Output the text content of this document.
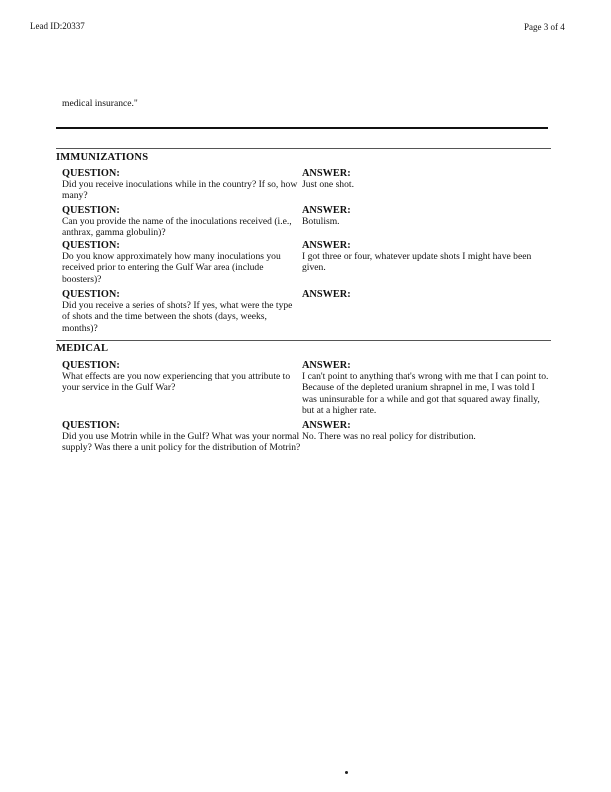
Lead ID:20337	Page 3 of 4
medical insurance."
IMMUNIZATIONS
QUESTION:
Did you receive inoculations while in the country? If so, how many?
ANSWER:
Just one shot.
QUESTION:
Can you provide the name of the inoculations received (i.e., anthrax, gamma globulin)?
ANSWER:
Botulism.
QUESTION:
Do you know approximately how many inoculations you received prior to entering the Gulf War area (include boosters)?
ANSWER:
I got three or four, whatever update shots I might have been given.
QUESTION:
Did you receive a series of shots? If yes, what were the type of shots and the time between the shots (days, weeks, months)?
ANSWER:
MEDICAL
QUESTION:
What effects are you now experiencing that you attribute to your service in the Gulf War?
ANSWER:
I can't point to anything that's wrong with me that I can point to. Because of the depleted uranium shrapnel in me, I was told I was uninsurable for a while and got that squared away finally, but at a higher rate.
QUESTION:
Did you use Motrin while in the Gulf? What was your normal supply? Was there a unit policy for the distribution of Motrin?
ANSWER:
No. There was no real policy for distribution.
